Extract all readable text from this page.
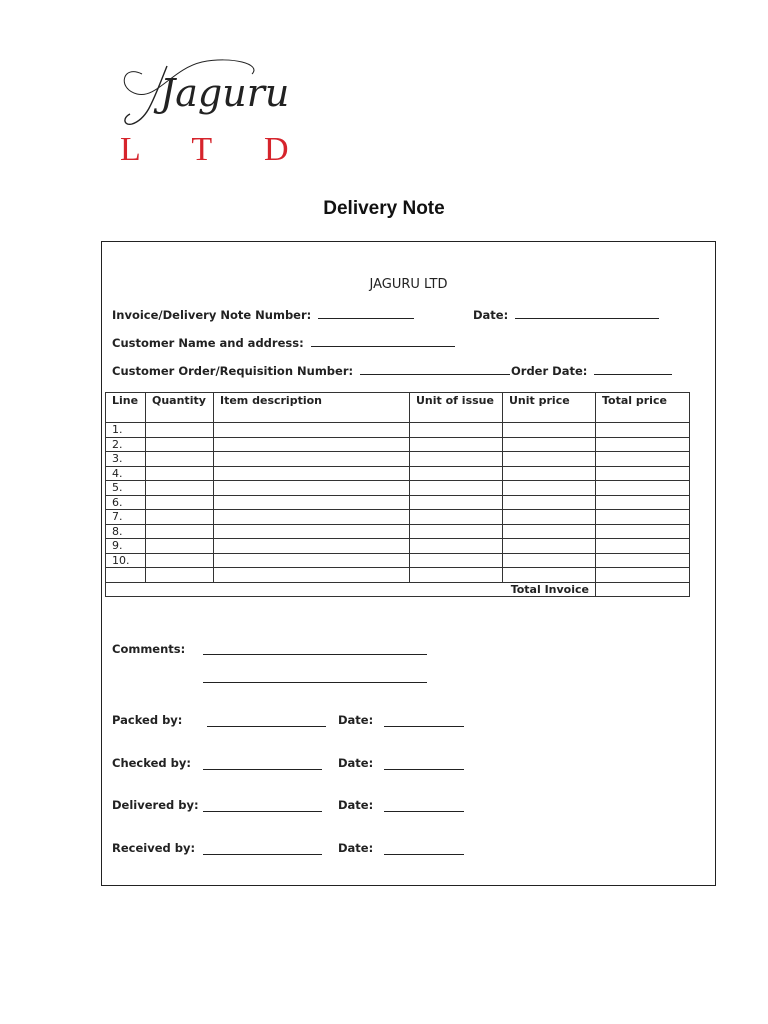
Jaguru
L T D
Delivery Note
JAGURU LTD
Invoice/Delivery Note Number:	Date:
Customer Name and address:
Customer Order/Requisition Number:	Order Date:
Line	Quantity	Item description	Unit of issue	Unit price	Total price
1.					
2.					
3.					
4.					
5.					
6.					
7.					
8.					
9.					
10.					

Total Invoice					
Comments:
Packed by:	Date:
Checked by:	Date:
Delivered by:	Date:
Received by:	Date:
